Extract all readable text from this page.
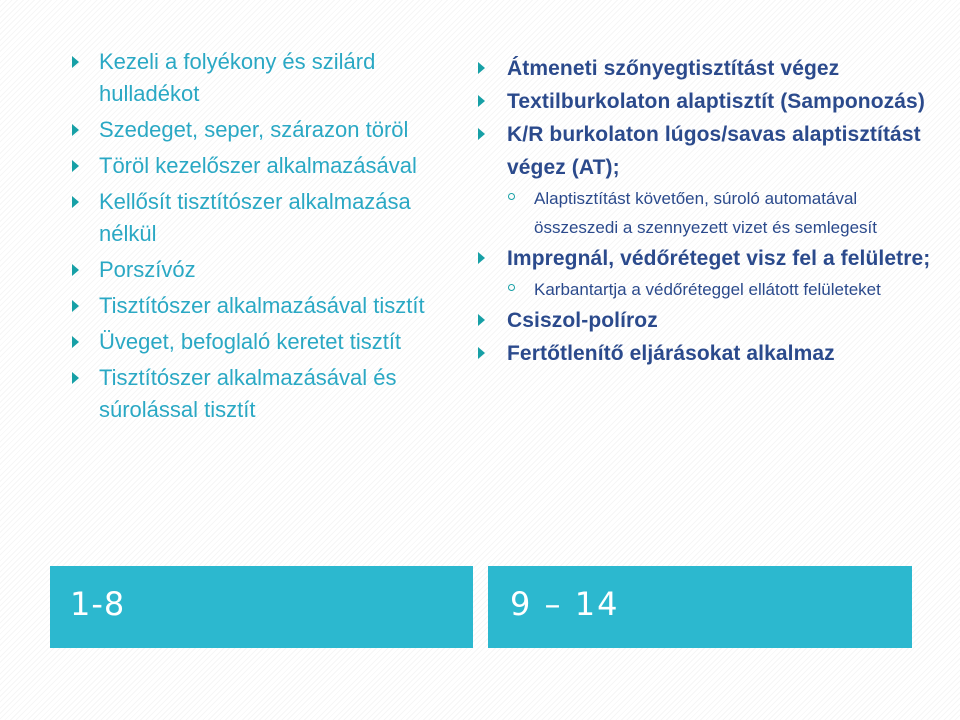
Kezeli a folyékony és szilárd hulladékot
Szedeget, seper, szárazon töröl
Töröl kezelőszer alkalmazásával
Kellősít tisztítószer alkalmazása nélkül
Porszívóz
Tisztítószer alkalmazásával tisztít
Üveget, befoglaló keretet tisztít
Tisztítószer alkalmazásával és súrolással tisztít
Átmeneti szőnyegtisztítást végez
Textilburkolaton alaptisztít (Samponozás)
K/R burkolaton lúgos/savas alaptisztítást végez (AT);
Alaptisztítást követően, súroló automatával összeszedi a szennyezett vizet és semlegesít
Impregnál, védőréteget visz fel a felületre;
Karbantartja a védőréteggel ellátott felületeket
Csiszol-políroz
Fertőtlenítő eljárásokat alkalmaz
1-8	9 – 14
